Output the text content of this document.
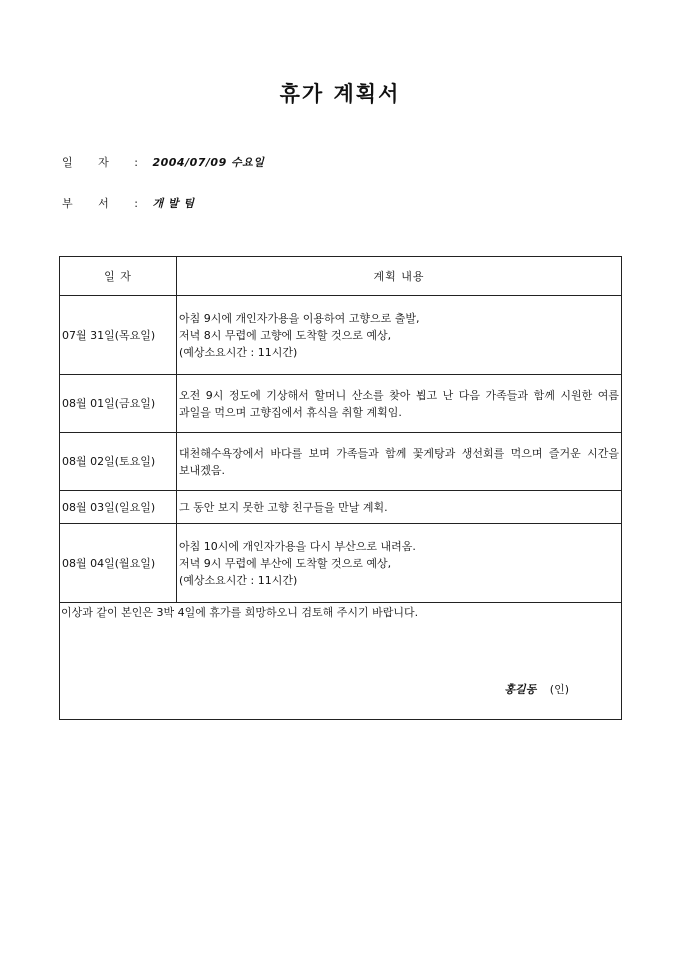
휴가 계획서
일 자 : 2004/07/09 수요일
부 서 : 개 발 팀
일 자	계획 내용
07월 31일(목요일)	아침 9시에 개인자가용을 이용하여 고향으로 출발,
저녁 8시 무렵에 고향에 도착할 것으로 예상,
(예상소요시간 : 11시간)

08월 01일(금요일)	오전 9시 정도에 기상해서 할머니 산소를 찾아 뵙고 난 다음 가족들과 함께 시원한 여름 과일을 먹으며 고향집에서 휴식을 취할 계획임.

08월 02일(토요일)	대천해수욕장에서 바다를 보며 가족들과 함께 꽃게탕과 생선회를 먹으며 즐거운 시간을 보내겠음.

08월 03일(일요일)	그 동안 보지 못한 고향 친구들을 만날 계획.

08월 04일(월요일)	아침 10시에 개인자가용을 다시 부산으로 내려옴.
저녁 9시 무렵에 부산에 도착할 것으로 예상,
(예상소요시간 : 11시간)

이상과 같이 본인은 3박 4일에 휴가를 희망하오니 검토해 주시기 바랍니다.
홍길동 (인)	
